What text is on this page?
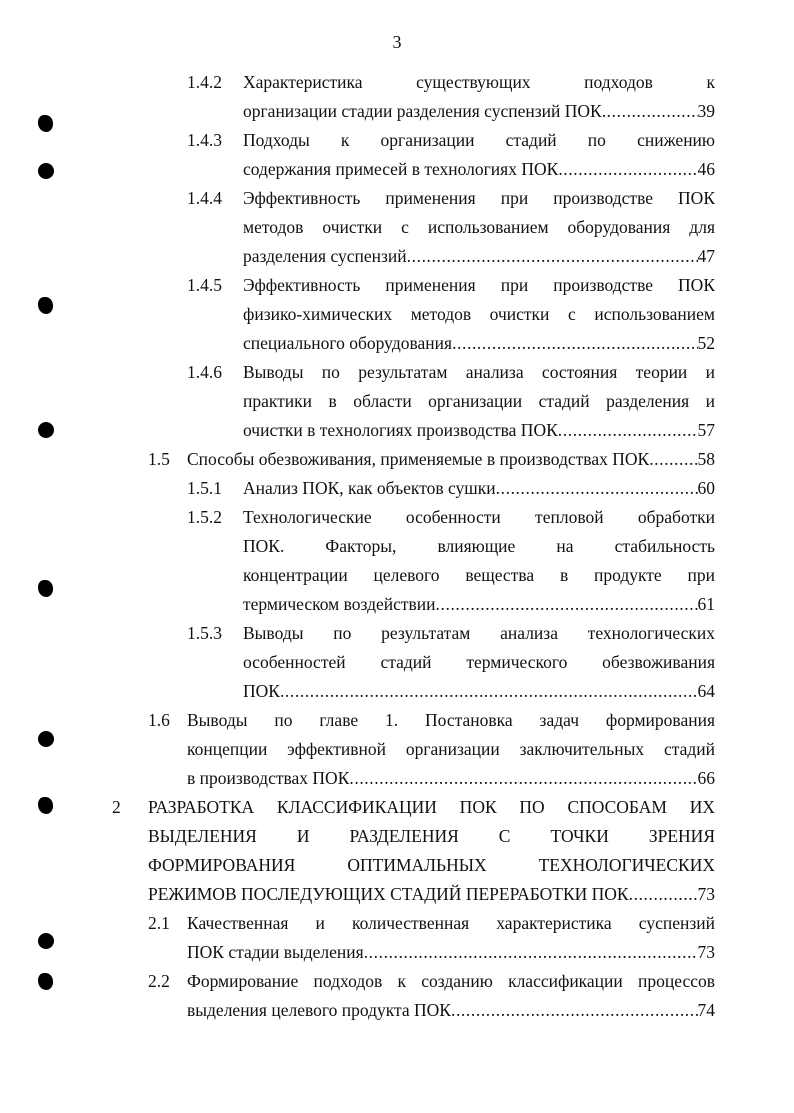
3
1.4.2 Характеристика существующих подходов к
организации стадии разделения суспензий ПОК .....	39
1.4.3 Подходы к организации стадий по снижению
содержания примесей в технологиях ПОК .....	46
1.4.4 Эффективность применения при производстве ПОК
методов очистки с использованием оборудования для
разделения суспензий .....	47
1.4.5 Эффективность применения при производстве ПОК
физико-химических методов очистки с использованием
специального оборудования .....	52
1.4.6 Выводы по результатам анализа состояния теории и
практики в области организации стадий разделения и
очистки в технологиях производства ПОК .....	57
1.5 Способы обезвоживания, применяемые в производствах ПОК .....	58
1.5.1 Анализ ПОК, как объектов сушки .....	60
1.5.2 Технологические особенности тепловой обработки
ПОК. Факторы, влияющие на стабильность
концентрации целевого вещества в продукте при
термическом воздействии .....	61
1.5.3 Выводы по результатам анализа технологических
особенностей стадий термического обезвоживания
ПОК .....	64
1.6 Выводы по главе 1. Постановка задач формирования
концепции эффективной организации заключительных стадий
в производствах ПОК .....	66
2 РАЗРАБОТКА КЛАССИФИКАЦИИ ПОК ПО СПОСОБАМ ИХ
ВЫДЕЛЕНИЯ И РАЗДЕЛЕНИЯ С ТОЧКИ ЗРЕНИЯ
ФОРМИРОВАНИЯ ОПТИМАЛЬНЫХ ТЕХНОЛОГИЧЕСКИХ
РЕЖИМОВ ПОСЛЕДУЮЩИХ СТАДИЙ ПЕРЕРАБОТКИ ПОК .....	73
2.1 Качественная и количественная характеристика суспензий
ПОК стадии выделения .....	73
2.2 Формирование подходов к созданию классификации процессов
выделения целевого продукта ПОК .....	74
